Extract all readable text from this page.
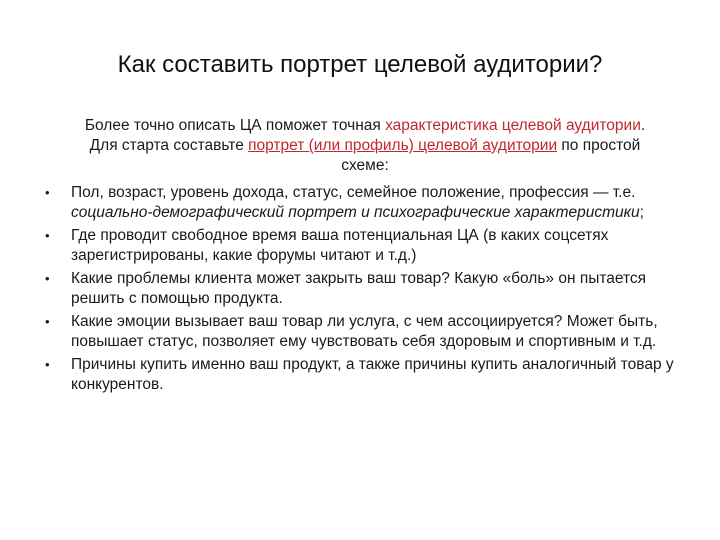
Как составить портрет целевой аудитории?
Более точно описать ЦА поможет точная характеристика целевой аудитории. Для старта составьте портрет (или профиль) целевой аудитории по простой схеме:
•	Пол, возраст, уровень дохода, статус, семейное положение, профессия — т.е. социально-демографический портрет и психографические характеристики;
•	Где проводит свободное время ваша потенциальная ЦА (в каких соцсетях зарегистрированы, какие форумы читают и т.д.)
•	Какие проблемы клиента может закрыть ваш товар? Какую «боль» он пытается решить с помощью продукта.
•	Какие эмоции вызывает ваш товар ли услуга, с чем ассоциируется? Может быть, повышает статус, позволяет ему чувствовать себя здоровым и спортивным и т.д.
•	Причины купить именно ваш продукт, а также причины купить аналогичный товар у конкурентов.
